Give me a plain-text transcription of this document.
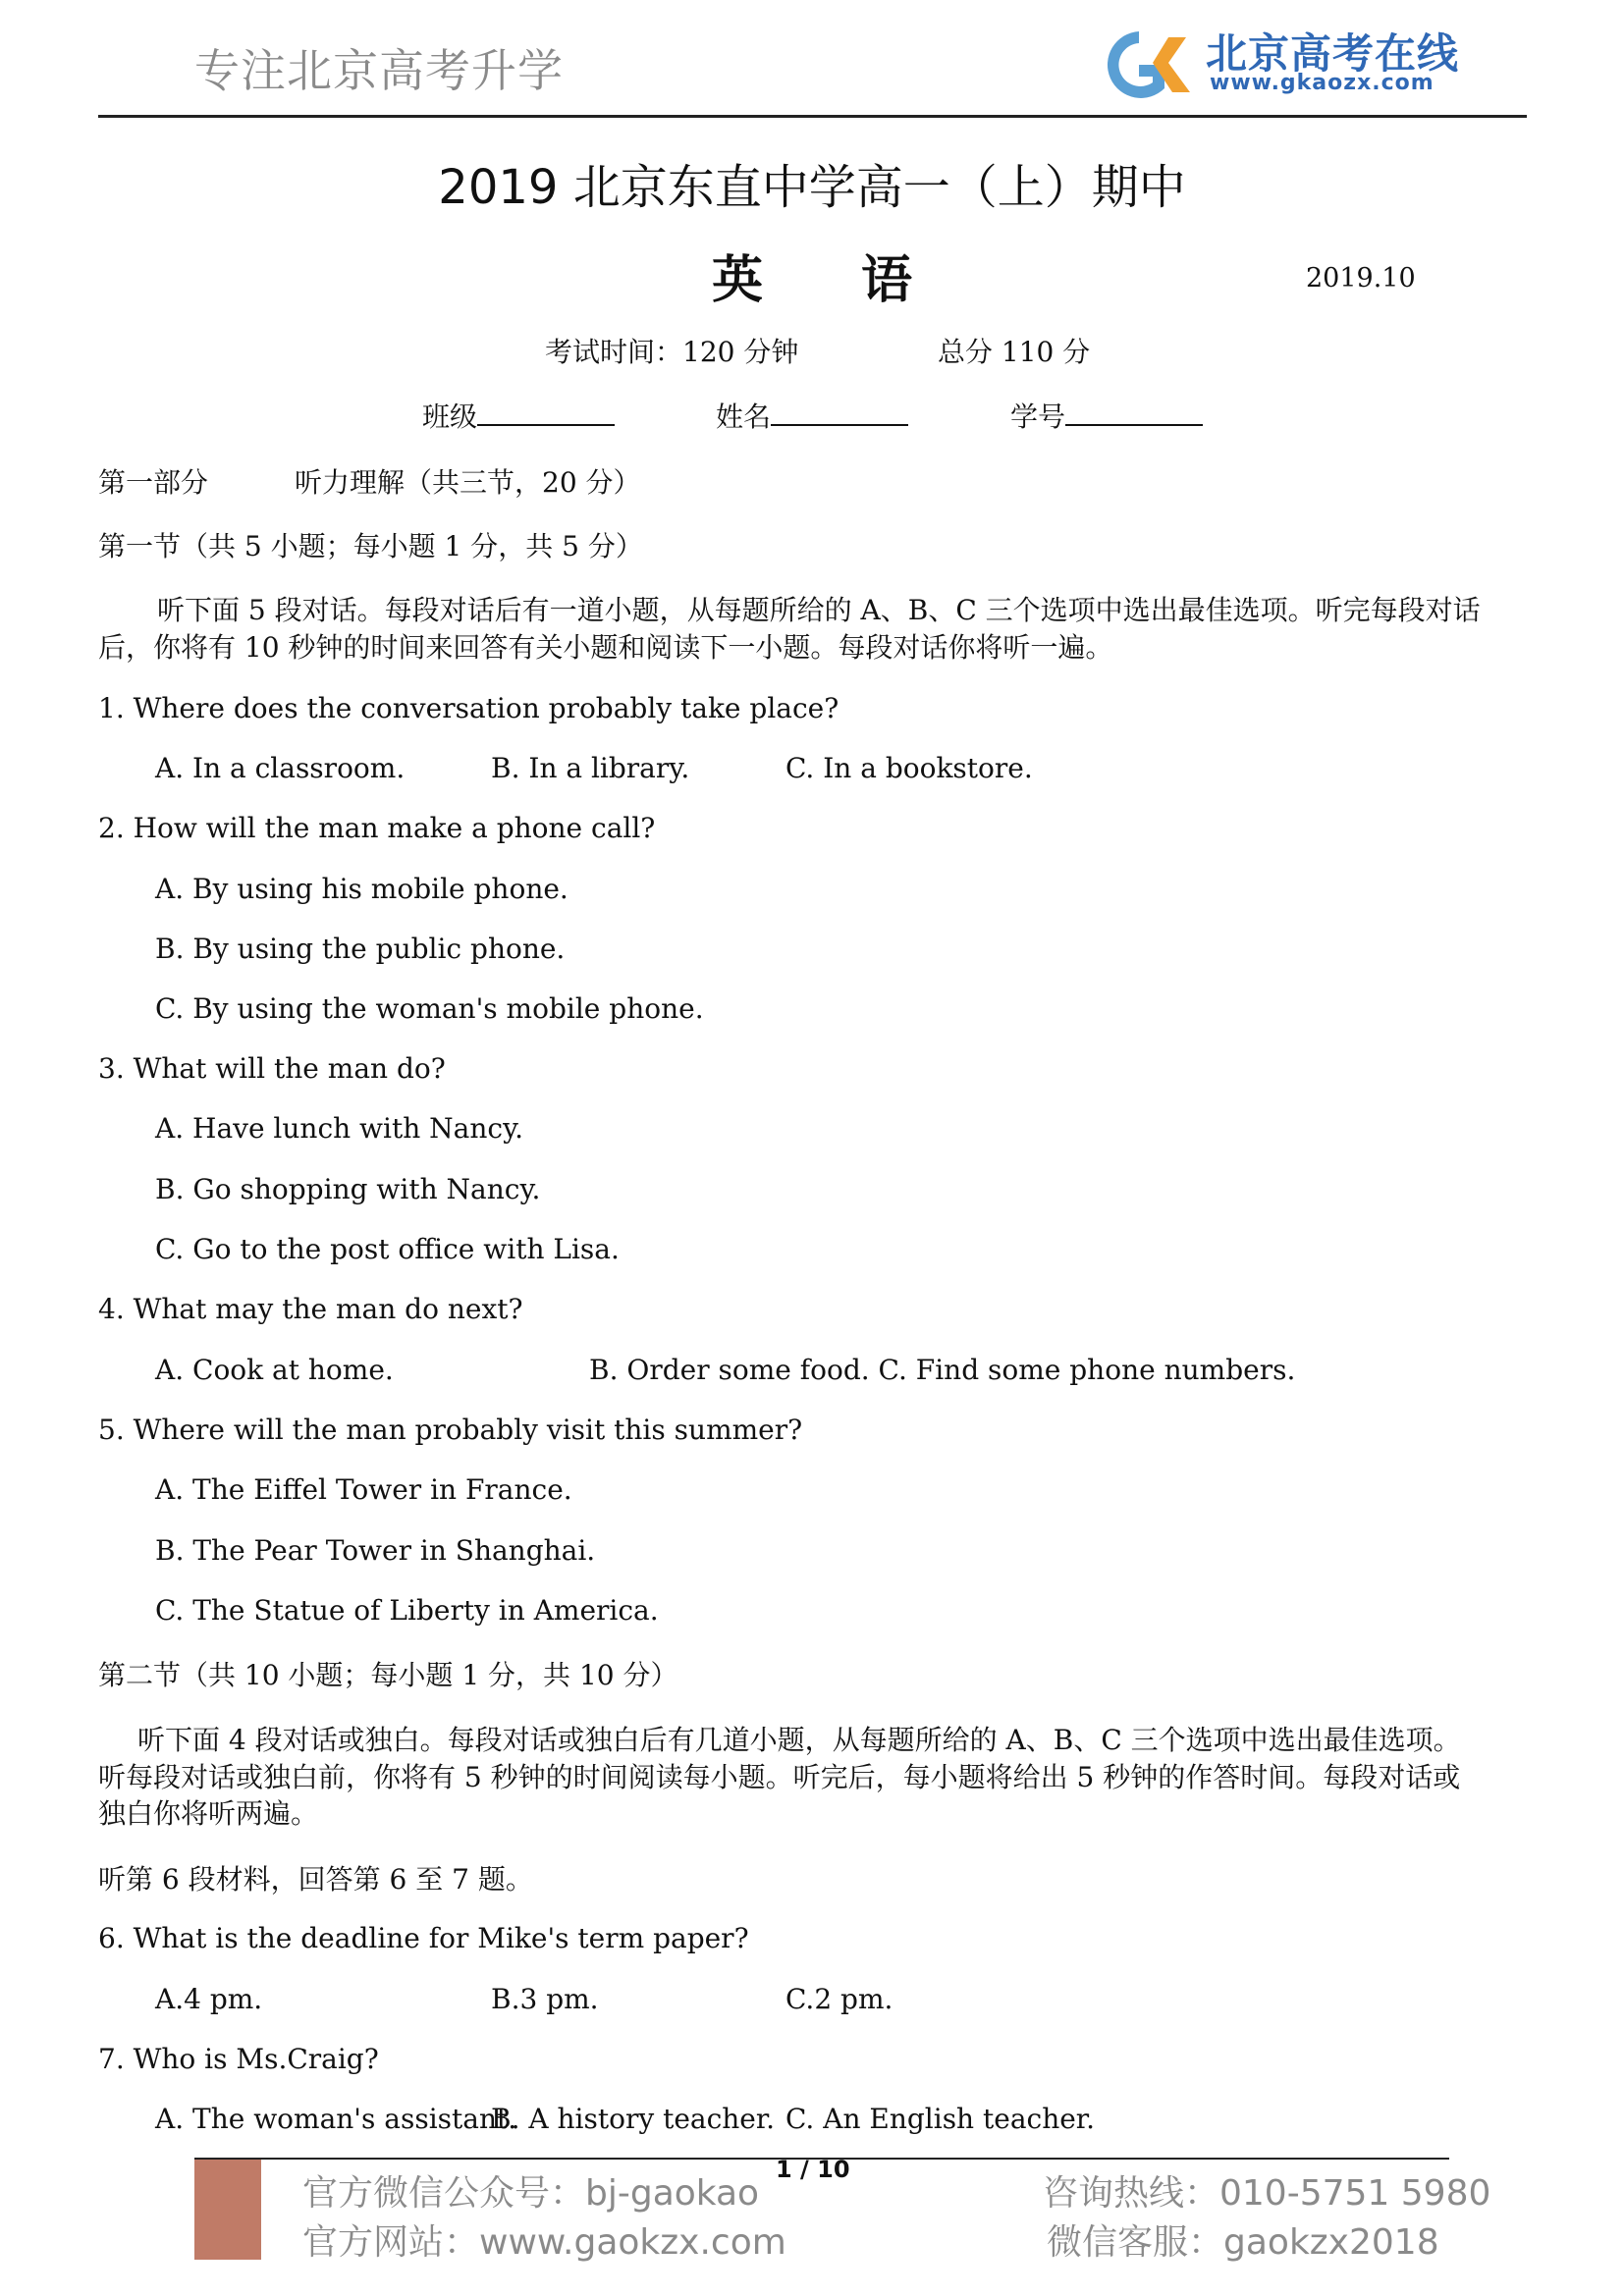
专注北京高考升学	北京高考在线
www.gkaozx.com
2019 北京东直中学高一（上）期中
英语	2019.10
考试时间：120 分钟	总分 110 分
班级	姓名	学号
第一部分	听力理解（共三节，20 分）
第一节（共 5 小题；每小题 1 分，共 5 分）
听下面 5 段对话。每段对话后有一道小题，从每题所给的 A、B、C 三个选项中选出最佳选项。听完每段对话
后，你将有 10 秒钟的时间来回答有关小题和阅读下一小题。每段对话你将听一遍。
1. Where does the conversation probably take place?
A. In a classroom.	B. In a library.	C. In a bookstore.
2. How will the man make a phone call?
A. By using his mobile phone.
B. By using the public phone.
C. By using the woman's mobile phone.
3. What will the man do?
A. Have lunch with Nancy.
B. Go shopping with Nancy.
C. Go to the post office with Lisa.
4. What may the man do next?
A. Cook at home.	B. Order some food. C. Find some phone numbers.
5. Where will the man probably visit this summer?
A. The Eiffel Tower in France.
B. The Pear Tower in Shanghai.
C. The Statue of Liberty in America.
第二节（共 10 小题；每小题 1 分，共 10 分）
听下面 4 段对话或独白。每段对话或独白后有几道小题，从每题所给的 A、B、C 三个选项中选出最佳选项。
听每段对话或独白前，你将有 5 秒钟的时间阅读每小题。听完后，每小题将给出 5 秒钟的作答时间。每段对话或
独白你将听两遍。
听第 6 段材料，回答第 6 至 7 题。
6. What is the deadline for Mike's term paper?
A.4 pm.	B.3 pm.	C.2 pm.
7. Who is Ms.Craig?
A. The woman's assistant.
B. A history teacher. C. An English teacher.
1 / 10
官方微信公众号：bj-gaokao
官方网站：www.gaokzx.com
咨询热线：010-5751 5980
微信客服：gaokzx2018
